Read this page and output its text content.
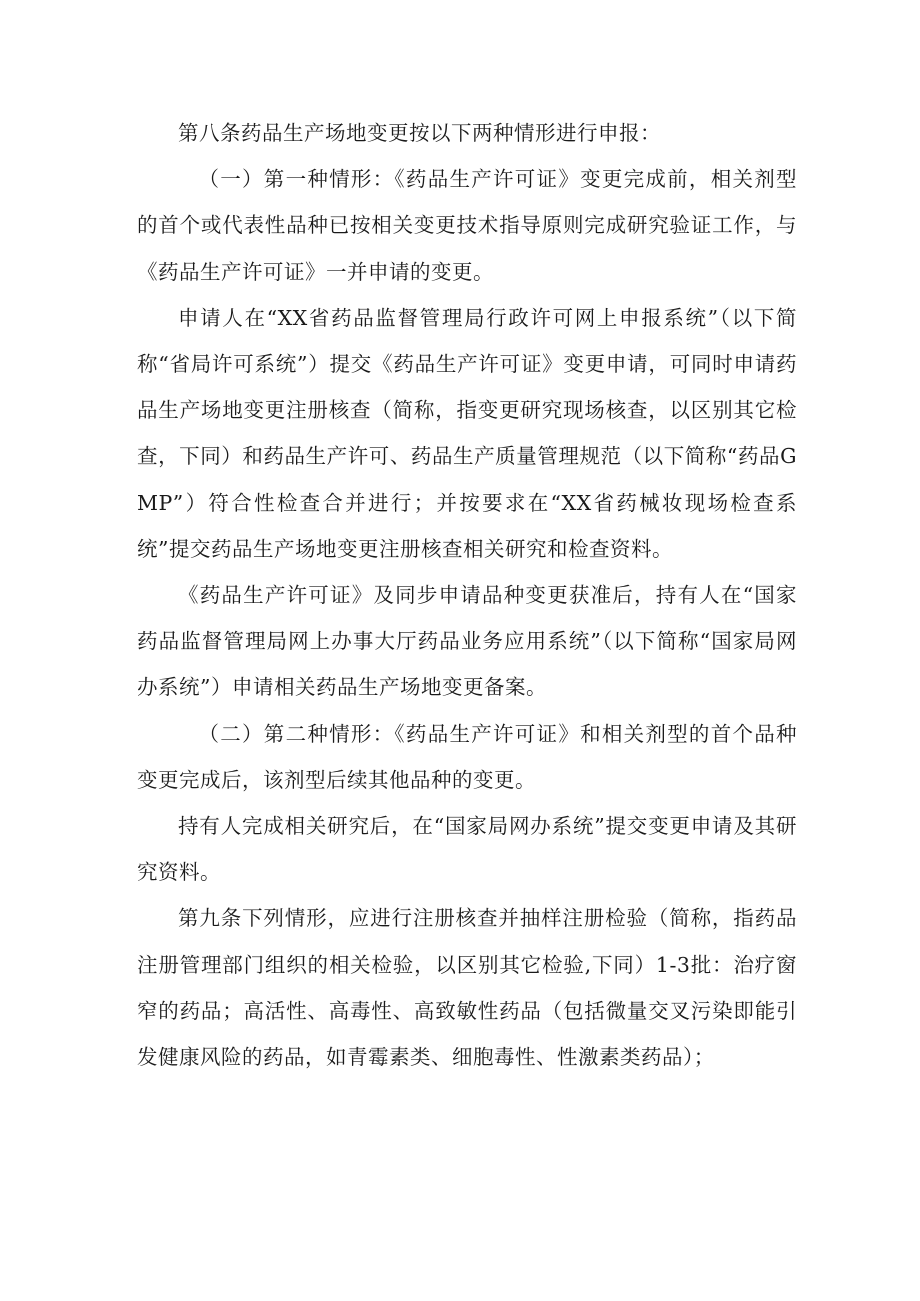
第八条药品生产场地变更按以下两种情形进行申报：

（一）第一种情形：《药品生产许可证》变更完成前，相关剂型的首个或代表性品种已按相关变更技术指导原则完成研究验证工作，与《药品生产许可证》一并申请的变更。

申请人在“XX省药品监督管理局行政许可网上申报系统”（以下简称“省局许可系统”）提交《药品生产许可证》变更申请，可同时申请药品生产场地变更注册核查（简称，指变更研究现场核查，以区别其它检查，下同）和药品生产许可、药品生产质量管理规范（以下简称“药品GMP”）符合性检查合并进行；并按要求在“XX省药械妆现场检查系统”提交药品生产场地变更注册核查相关研究和检查资料。

《药品生产许可证》及同步申请品种变更获准后，持有人在“国家药品监督管理局网上办事大厅药品业务应用系统”（以下简称“国家局网办系统”）申请相关药品生产场地变更备案。

（二）第二种情形：《药品生产许可证》和相关剂型的首个品种变更完成后，该剂型后续其他品种的变更。

持有人完成相关研究后，在“国家局网办系统”提交变更申请及其研究资料。

第九条下列情形，应进行注册核查并抽样注册检验（简称，指药品注册管理部门组织的相关检验，以区别其它检验,下同）1-3批：治疗窗窄的药品；高活性、高毒性、高致敏性药品（包括微量交叉污染即能引发健康风险的药品，如青霉素类、细胞毒性、性激素类药品）；
